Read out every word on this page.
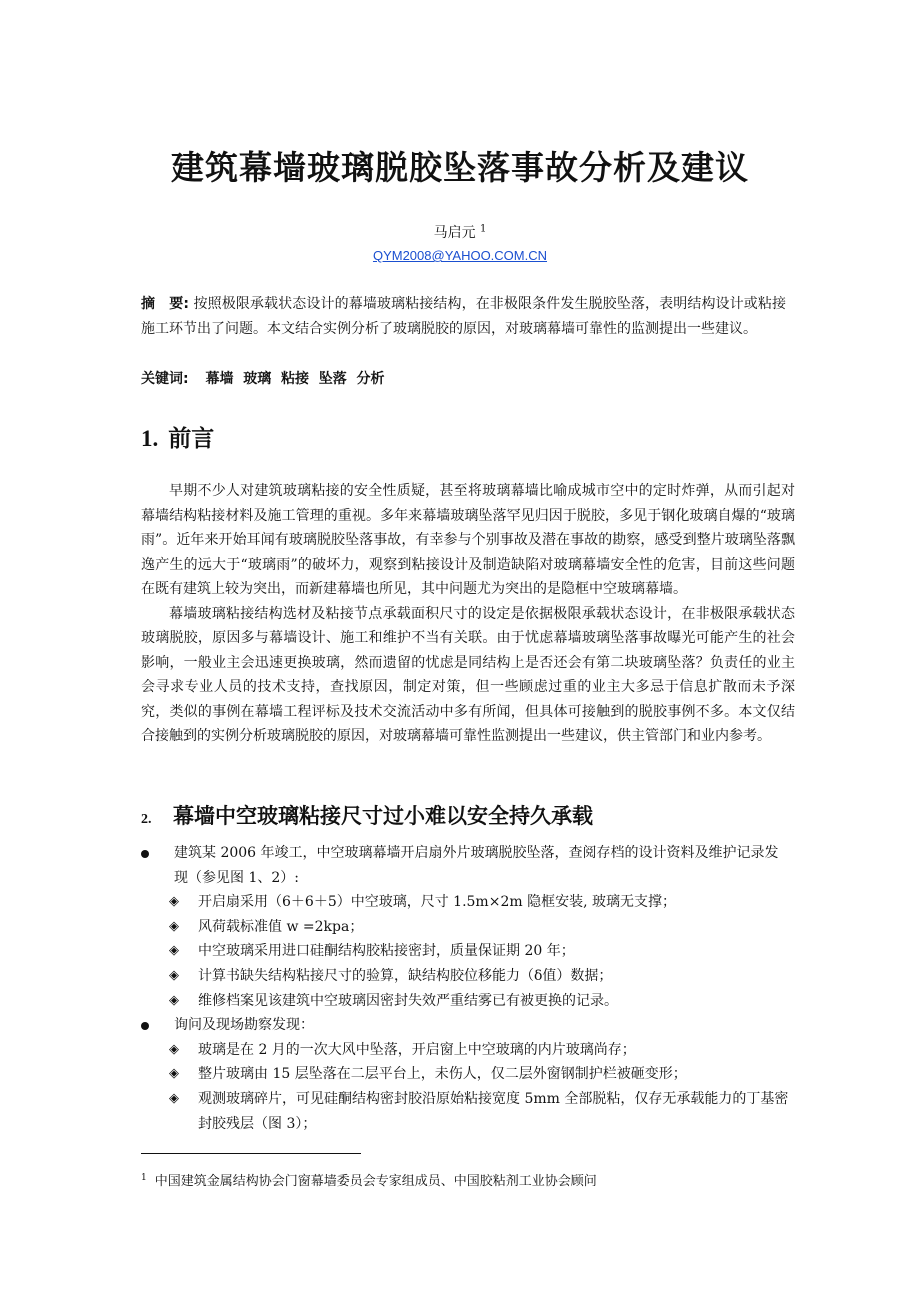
建筑幕墙玻璃脱胶坠落事故分析及建议
马启元 $^1$
QYM2008@YAHOO.COM.CN
摘　要: 按照极限承载状态设计的幕墙玻璃粘接结构，在非极限条件发生脱胶坠落，表明结构设计或粘接施工环节出了问题。本文结合实例分析了玻璃脱胶的原因，对玻璃幕墙可靠性的监测提出一些建议。
关键词: 幕墙  玻璃  粘接  坠落  分析
1. 前言

早期不少人对建筑玻璃粘接的安全性质疑，甚至将玻璃幕墙比喻成城市空中的定时炸弹，从而引起对幕墙结构粘接材料及施工管理的重视。多年来幕墙玻璃坠落罕见归因于脱胶，多见于钢化玻璃自爆的“玻璃雨”。近年来开始耳闻有玻璃脱胶坠落事故，有幸参与个别事故及潜在事故的勘察，感受到整片玻璃坠落飘逸产生的远大于“玻璃雨”的破坏力，观察到粘接设计及制造缺陷对玻璃幕墙安全性的危害，目前这些问题在既有建筑上较为突出，而新建幕墙也所见，其中问题尤为突出的是隐框中空玻璃幕墙。

幕墙玻璃粘接结构选材及粘接节点承载面积尺寸的设定是依据极限承载状态设计，在非极限承载状态玻璃脱胶，原因多与幕墙设计、施工和维护不当有关联。由于忧虑幕墙玻璃坠落事故曝光可能产生的社会影响，一般业主会迅速更换玻璃，然而遗留的忧虑是同结构上是否还会有第二块玻璃坠落？负责任的业主会寻求专业人员的技术支持，查找原因，制定对策，但一些顾虑过重的业主大多忌于信息扩散而未予深究，类似的事例在幕墙工程评标及技术交流活动中多有所闻，但具体可接触到的脱胶事例不多。本文仅结合接触到的实例分析玻璃脱胶的原因，对玻璃幕墙可靠性监测提出一些建议，供主管部门和业内参考。

2. 幕墙中空玻璃粘接尺寸过小难以安全持久承载
建筑某 2006 年竣工，中空玻璃幕墙开启扇外片玻璃脱胶坠落，查阅存档的设计资料及维护记录发现（参见图 1、2）:
◈ 开启扇采用（6＋6＋5）中空玻璃，尺寸 1.5m×2m 隐框安装, 玻璃无支撑；
◈ 风荷载标准值 w =2kpa；
◈ 中空玻璃采用进口硅酮结构胶粘接密封，质量保证期 20 年；
◈ 计算书缺失结构粘接尺寸的验算，缺结构胶位移能力（δ值）数据；
◈ 维修档案见该建筑中空玻璃因密封失效严重结雾已有被更换的记录。
询问及现场勘察发现：
◈ 玻璃是在 2 月的一次大风中坠落，开启窗上中空玻璃的内片玻璃尚存；
◈ 整片玻璃由 15 层坠落在二层平台上，未伤人，仅二层外窗钢制护栏被砸变形；
◈ 观测玻璃碎片，可见硅酮结构密封胶沿原始粘接宽度 5mm 全部脱粘，仅存无承载能力的丁基密封胶残层（图 3）；
$^1$ 中国建筑金属结构协会门窗幕墙委员会专家组成员、中国胶粘剂工业协会顾问
